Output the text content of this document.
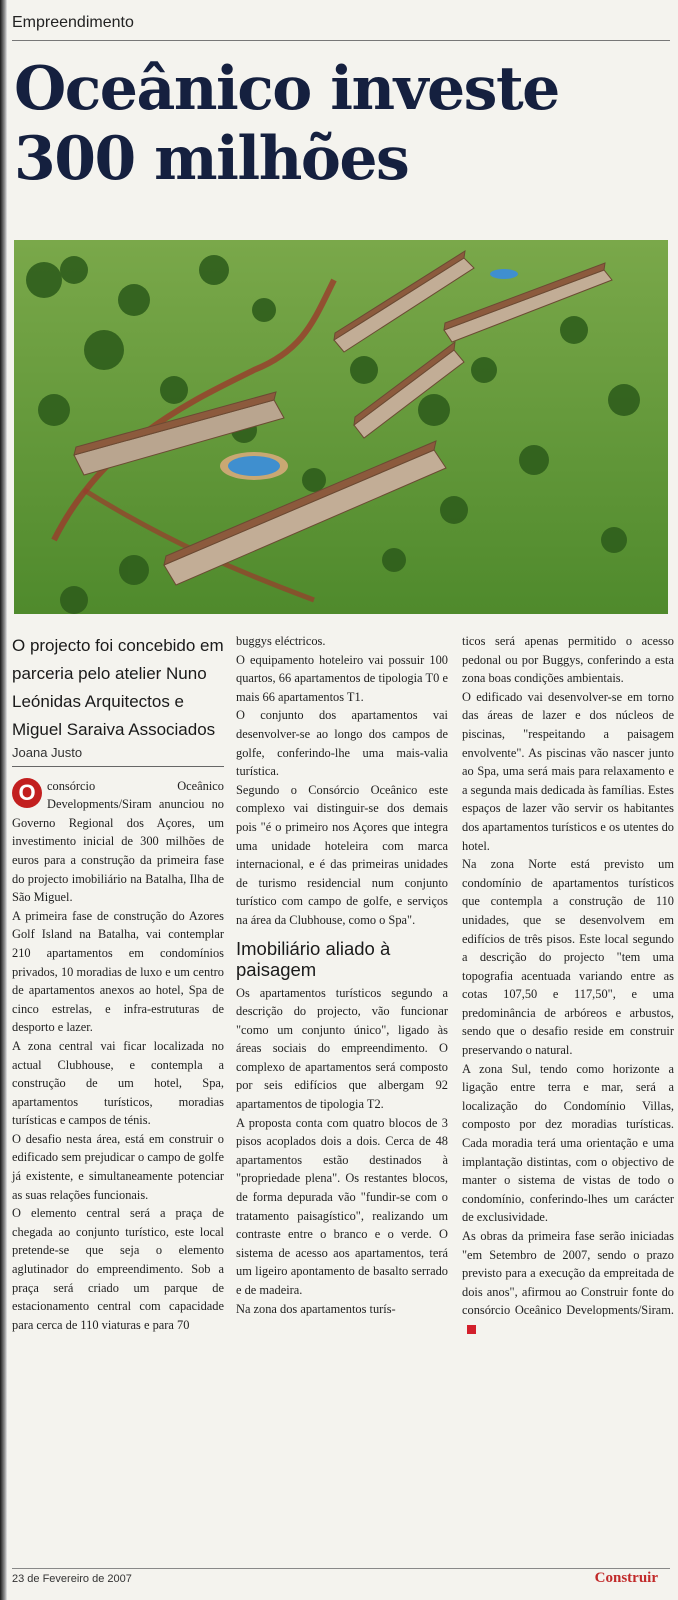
Empreendimento
Oceânico investe
300 milhões

O projecto foi concebido em parceria pelo atelier Nuno Leónidas Arquitectos e Miguel Saraiva Associados

Joana Justo

O consórcio Oceânico Developments/Siram anunciou no Governo Regional dos Açores, um investimento inicial de 300 milhões de euros para a construção da primeira fase do projecto imobiliário na Batalha, Ilha de São Miguel.

A primeira fase de construção do Azores Golf Island na Batalha, vai contemplar 210 apartamentos em condomínios privados, 10 moradias de luxo e um centro de apartamentos anexos ao hotel, Spa de cinco estrelas, e infra-estruturas de desporto e lazer.

A zona central vai ficar localizada no actual Clubhouse, e contempla a construção de um hotel, Spa, apartamentos turísticos, moradias turísticas e campos de ténis.

O desafio nesta área, está em construir o edificado sem prejudicar o campo de golfe já existente, e simultaneamente potenciar as suas relações funcionais.

O elemento central será a praça de chegada ao conjunto turístico, este local pretende-se que seja o elemento aglutinador do empreendimento. Sob a praça será criado um parque de estacionamento central com capacidade para cerca de 110 viaturas e para 70

buggys eléctricos.

O equipamento hoteleiro vai possuir 100 quartos, 66 apartamentos de tipologia T0 e mais 66 apartamentos T1.

O conjunto dos apartamentos vai desenvolver-se ao longo dos campos de golfe, conferindo-lhe uma mais-valia turística.

Segundo o Consórcio Oceânico este complexo vai distinguir-se dos demais pois "é o primeiro nos Açores que integra uma unidade hoteleira com marca internacional, e é das primeiras unidades de turismo residencial num conjunto turístico com campo de golfe, e serviços na área da Clubhouse, como o Spa".

Imobiliário aliado à paisagem

Os apartamentos turísticos segundo a descrição do projecto, vão funcionar "como um conjunto único", ligado às áreas sociais do empreendimento. O complexo de apartamentos será composto por seis edifícios que albergam 92 apartamentos de tipologia T2.

A proposta conta com quatro blocos de 3 pisos acoplados dois a dois. Cerca de 48 apartamentos estão destinados à "propriedade plena". Os restantes blocos, de forma depurada vão "fundir-se com o tratamento paisagístico", realizando um contraste entre o branco e o verde. O sistema de acesso aos apartamentos, terá um ligeiro apontamento de basalto serrado e de madeira.

Na zona dos apartamentos turís-

ticos será apenas permitido o acesso pedonal ou por Buggys, conferindo a esta zona boas condições ambientais.

O edificado vai desenvolver-se em torno das áreas de lazer e dos núcleos de piscinas, "respeitando a paisagem envolvente". As piscinas vão nascer junto ao Spa, uma será mais para relaxamento e a segunda mais dedicada às famílias. Estes espaços de lazer vão servir os habitantes dos apartamentos turísticos e os utentes do hotel.

Na zona Norte está previsto um condomínio de apartamentos turísticos que contempla a construção de 110 unidades, que se desenvolvem em edifícios de três pisos. Este local segundo a descrição do projecto "tem uma topografia acentuada variando entre as cotas 107,50 e 117,50", e uma predominância de arbóreos e arbustos, sendo que o desafio reside em construir preservando o natural.

A zona Sul, tendo como horizonte a ligação entre terra e mar, será a localização do Condomínio Villas, composto por dez moradias turísticas. Cada moradia terá uma orientação e uma implantação distintas, com o objectivo de manter o sistema de vistas de todo o condomínio, conferindo-lhes um carácter de exclusividade.

As obras da primeira fase serão iniciadas "em Setembro de 2007, sendo o prazo previsto para a execução da empreitada de dois anos", afirmou ao Construir fonte do consórcio Oceânico Developments/Siram.

23 de Fevereiro de 2007	Construir
